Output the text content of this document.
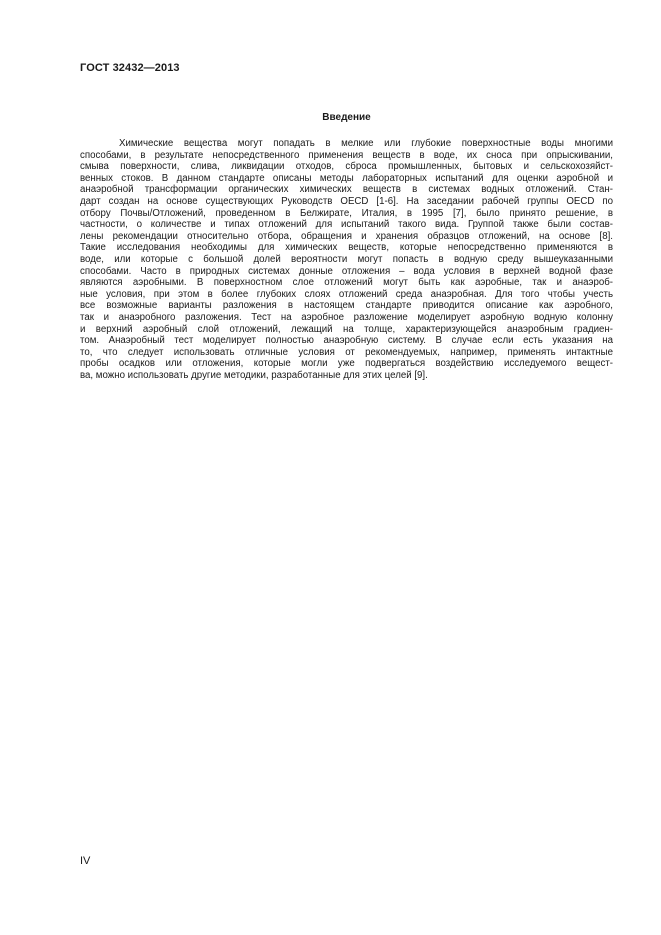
ГОСТ 32432—2013
Введение
Химические вещества могут попадать в мелкие или глубокие поверхностные воды многими
способами, в результате непосредственного применения веществ в воде, их сноса при опрыскивании,
смыва поверхности, слива, ликвидации отходов, сброса промышленных, бытовых и сельскохозяйст-
венных стоков. В данном стандарте описаны методы лабораторных испытаний для оценки аэробной и
анаэробной трансформации органических химических веществ в системах водных отложений. Стан-
дарт создан на основе существующих Руководств OECD [1-6]. На заседании рабочей группы OECD по
отбору Почвы/Отложений, проведенном в Белжирате, Италия, в 1995 [7], было принято решение, в
частности, о количестве и типах отложений для испытаний такого вида. Группой также были состав-
лены рекомендации относительно отбора, обращения и хранения образцов отложений, на основе [8].
Такие исследования необходимы для химических веществ, которые непосредственно применяются в
воде, или которые с большой долей вероятности могут попасть в водную среду вышеуказанными
способами. Часто в природных системах донные отложения – вода условия в верхней водной фазе
являются аэробными. В поверхностном слое отложений могут быть как аэробные, так и анаэроб-
ные условия, при этом в более глубоких слоях отложений среда анаэробная. Для того чтобы учесть
все возможные варианты разложения в настоящем стандарте приводится описание как аэробного,
так и анаэробного разложения. Тест на аэробное разложение моделирует аэробную водную колонну
и верхний аэробный слой отложений, лежащий на толще, характеризующейся анаэробным градиен-
том. Анаэробный тест моделирует полностью анаэробную систему. В случае если есть указания на
то, что следует использовать отличные условия от рекомендуемых, например, применять интактные
пробы осадков или отложения, которые могли уже подвергаться воздействию исследуемого вещест-
ва, можно использовать другие методики, разработанные для этих целей [9].
IV
